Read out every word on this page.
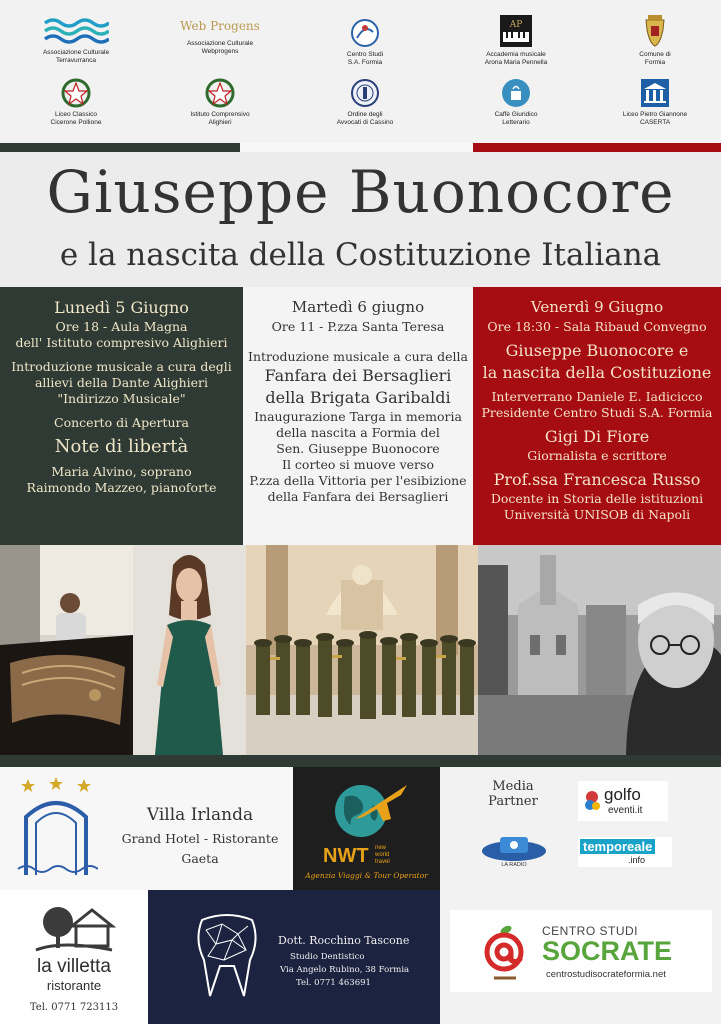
Associazione Culturale
Terravurranca
Web Progens
Associazione Culturale
Webprogens	Centro Studi
S.A. Formia
AP
Accademia musicale
Arona Maria Pennella
Comune di
Formia
Liceo Classico
Cicerone Pollione
Istituto Comprensivo
Alighieri
Ordine degli
Avvocati di Cassino
Caffè Giuridico
Letterario
Liceo Pietro Giannone
CASERTA
Giuseppe Buonocore
e la nascita della Costituzione Italiana

Lunedì 5 Giugno

Ore 18 - Aula Magna

dell' Istituto compresivo Alighieri

Introduzione musicale a cura degli

allievi della Dante Alighieri

"Indirizzo Musicale"

Concerto di Apertura

Note di libertà

Maria Alvino, soprano

Raimondo Mazzeo, pianoforte

Martedì 6 giugno

Ore 11 - P.zza Santa Teresa

Introduzione musicale a cura della

Fanfara dei Bersaglieri

della Brigata Garibaldi

Inaugurazione Targa in memoria

della nascita a Formia del

Sen. Giuseppe Buonocore

Il corteo si muove verso

P.zza della Vittoria per l'esibizione

della Fanfara dei Bersaglieri

Venerdì 9 Giugno

Ore 18:30 - Sala Ribaud Convegno

Giuseppe Buonocore e

la nascita della Costituzione

Interverrano Daniele E. Iadicicco

Presidente Centro Studi S.A. Formia

Gigi Di Fiore

Giornalista e scrittore

Prof.ssa Francesca Russo

Docente in Storia delle istituzioni

Università UNISOB di Napoli

Villa Irlanda
Grand Hotel - Ristorante
Gaeta	NWT new
world
travel
Agenzia Viaggi & Tour Operator
Media
Partner	golfo
eventi.it
LA RADIO
temporeale
.info
la villetta
ristorante
Tel. 0771 723113
Dott. Rocchino Tascone
Studio Dentistico
Via Angelo Rubino, 38 Formia
Tel. 0771 463691
CENTRO STUDI
SOCRATE
centrostudisocrateformia.net
